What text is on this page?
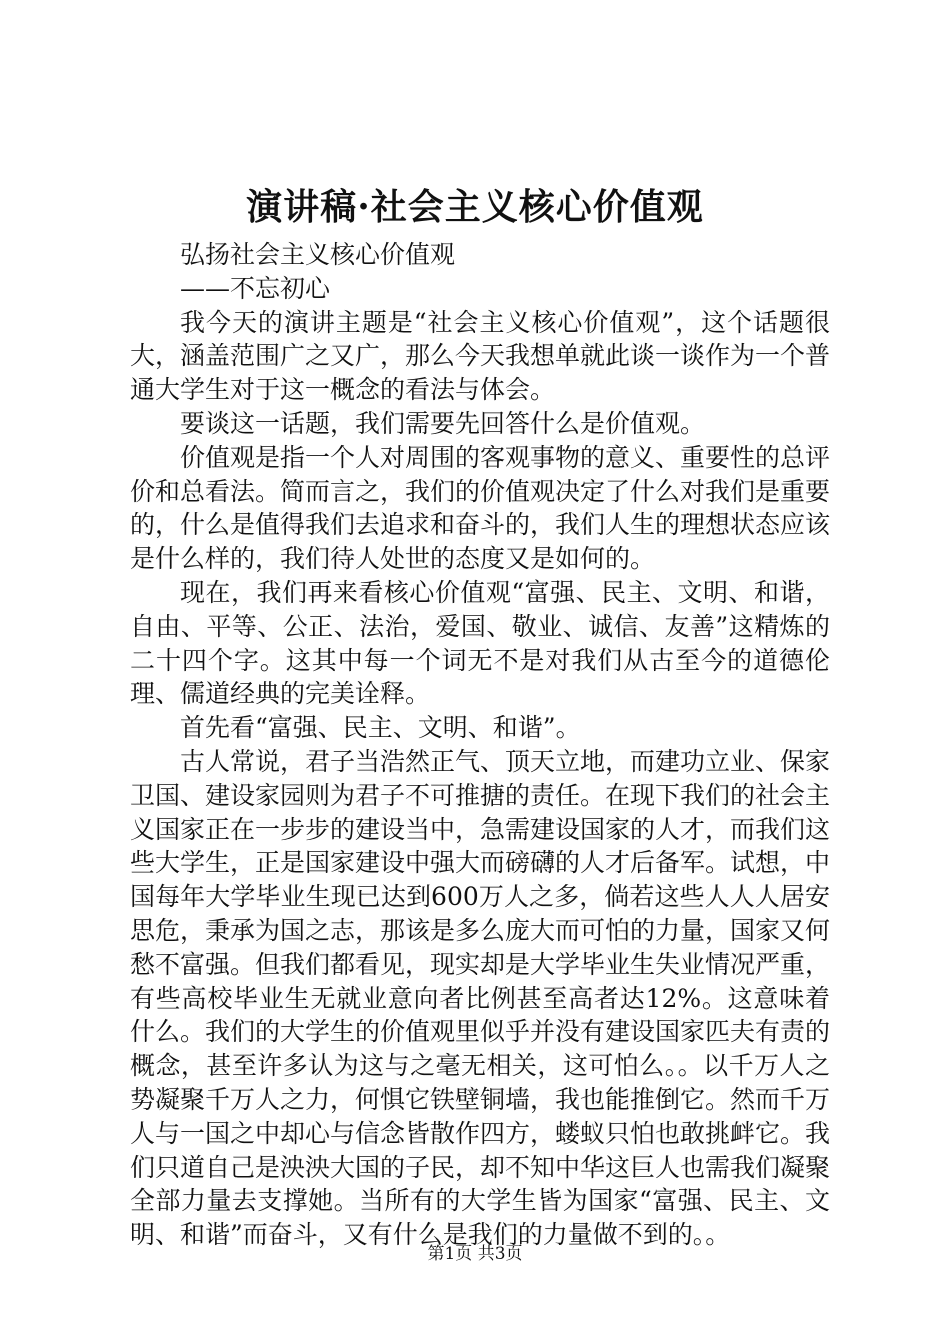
演讲稿·社会主义核心价值观

弘扬社会主义核心价值观

——不忘初心

我今天的演讲主题是“社会主义核心价值观”，这个话题很大，涵盖范围广之又广，那么今天我想单就此谈一谈作为一个普通大学生对于这一概念的看法与体会。

要谈这一话题，我们需要先回答什么是价值观。

价值观是指一个人对周围的客观事物的意义、重要性的总评价和总看法。简而言之，我们的价值观决定了什么对我们是重要的，什么是值得我们去追求和奋斗的，我们人生的理想状态应该是什么样的，我们待人处世的态度又是如何的。

现在，我们再来看核心价值观“富强、民主、文明、和谐，自由、平等、公正、法治，爱国、敬业、诚信、友善”这精炼的二十四个字。这其中每一个词无不是对我们从古至今的道德伦理、儒道经典的完美诠释。

首先看“富强、民主、文明、和谐”。

古人常说，君子当浩然正气、顶天立地，而建功立业、保家卫国、建设家园则为君子不可推搪的责任。在现下我们的社会主义国家正在一步步的建设当中，急需建设国家的人才，而我们这些大学生，正是国家建设中强大而磅礴的人才后备军。试想，中国每年大学毕业生现已达到600万人之多，倘若这些人人人居安思危，秉承为国之志，那该是多么庞大而可怕的力量，国家又何愁不富强。但我们都看见，现实却是大学毕业生失业情况严重，有些高校毕业生无就业意向者比例甚至高者达12%。这意味着什么。我们的大学生的价值观里似乎并没有建设国家匹夫有责的概念，甚至许多认为这与之毫无相关，这可怕么。。以千万人之势凝聚千万人之力，何惧它铁壁铜墙，我也能推倒它。然而千万人与一国之中却心与信念皆散作四方，蝼蚁只怕也敢挑衅它。我们只道自己是泱泱大国的子民，却不知中华这巨人也需我们凝聚全部力量去支撑她。当所有的大学生皆为国家“富强、民主、文明、和谐”而奋斗，又有什么是我们的力量做不到的。。

第1页 共3页
